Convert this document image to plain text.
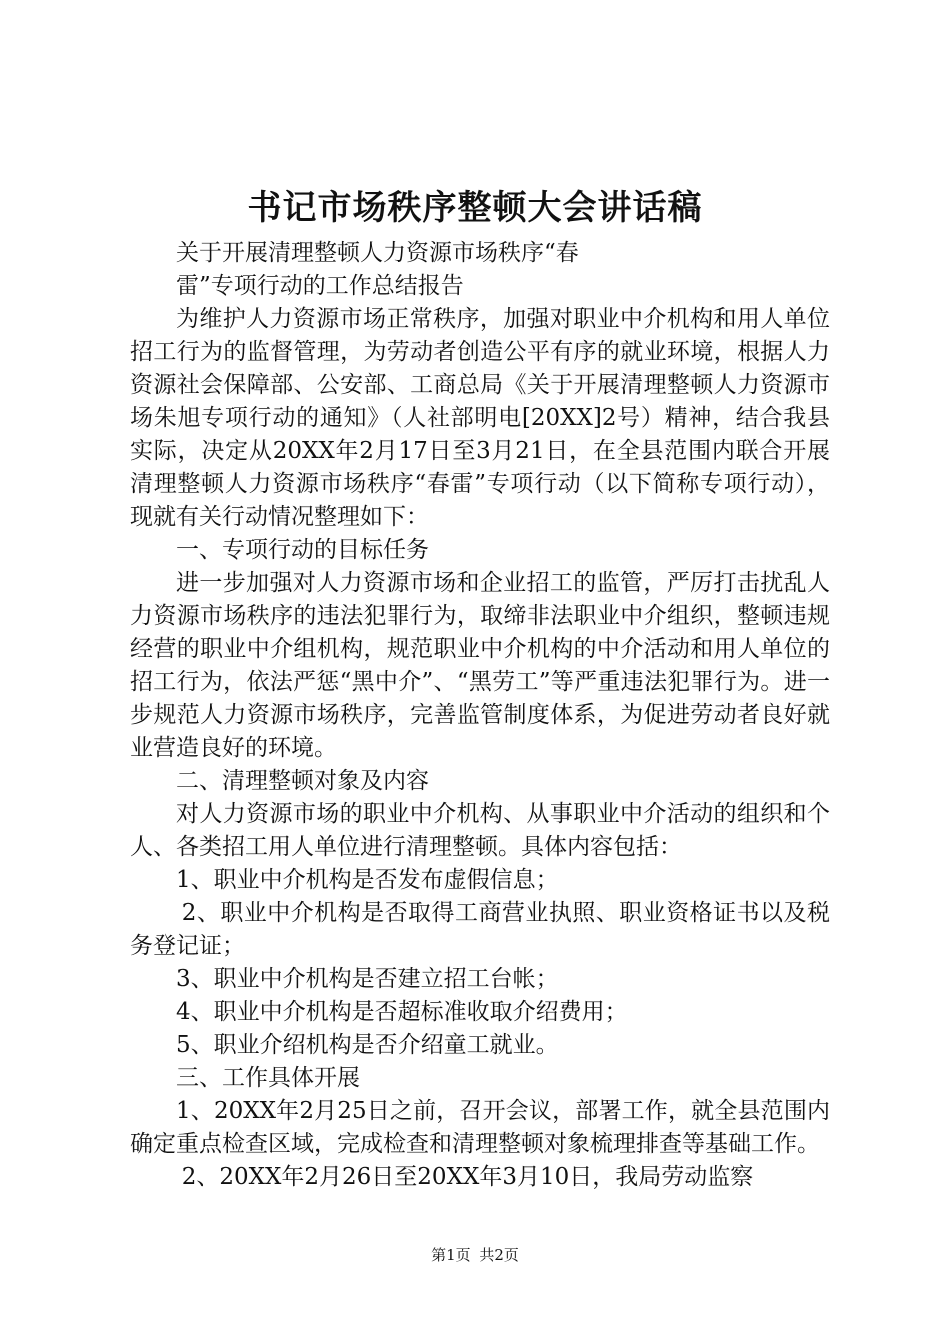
书记市场秩序整顿大会讲话稿

关于开展清理整顿人力资源市场秩序“春

雷”专项行动的工作总结报告

为维护人力资源市场正常秩序，加强对职业中介机构和用人单位招工行为的监督管理，为劳动者创造公平有序的就业环境，根据人力资源社会保障部、公安部、工商总局《关于开展清理整顿人力资源市场朱旭专项行动的通知》（人社部明电[20XX]2号）精神，结合我县实际，决定从20XX年2月17日至3月21日，在全县范围内联合开展清理整顿人力资源市场秩序“春雷”专项行动（以下简称专项行动），现就有关行动情况整理如下：

一、专项行动的目标任务

进一步加强对人力资源市场和企业招工的监管，严厉打击扰乱人力资源市场秩序的违法犯罪行为，取缔非法职业中介组织，整顿违规经营的职业中介组机构，规范职业中介机构的中介活动和用人单位的招工行为，依法严惩“黑中介”、“黑劳工”等严重违法犯罪行为。进一步规范人力资源市场秩序，完善监管制度体系，为促进劳动者良好就业营造良好的环境。

二、清理整顿对象及内容

对人力资源市场的职业中介机构、从事职业中介活动的组织和个人、各类招工用人单位进行清理整顿。具体内容包括：

1、职业中介机构是否发布虚假信息；

2、职业中介机构是否取得工商营业执照、职业资格证书以及税务登记证；

3、职业中介机构是否建立招工台帐；

4、职业中介机构是否超标准收取介绍费用；

5、职业介绍机构是否介绍童工就业。

三、工作具体开展

1、20XX年2月25日之前，召开会议，部署工作，就全县范围内确定重点检查区域，完成检查和清理整顿对象梳理排查等基础工作。

2、20XX年2月26日至20XX年3月10日，我局劳动监察

第1页 共2页
